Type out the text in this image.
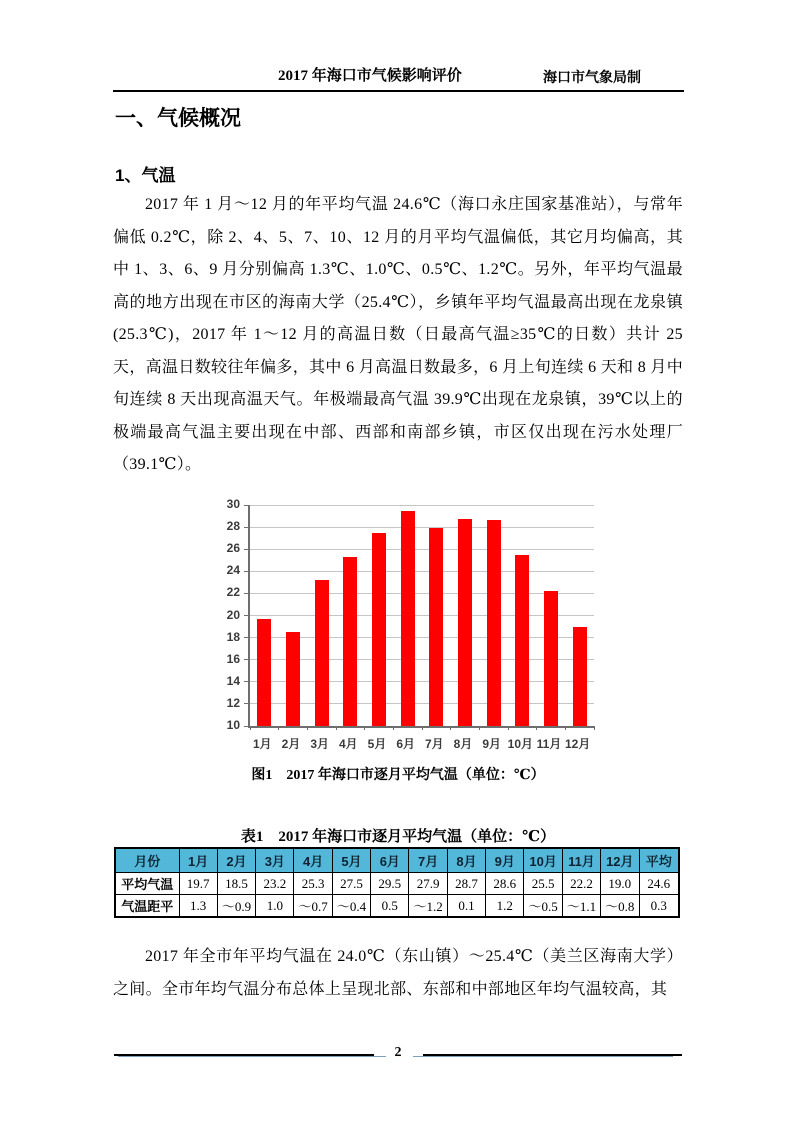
2017 年海口市气候影响评价	海口市气象局制
一、气候概况
1、气温
2017 年 1 月～12 月的年平均气温 24.6℃（海口永庄国家基准站），与常年偏低 0.2℃，除 2、4、5、7、10、12 月的月平均气温偏低，其它月均偏高，其中 1、3、6、9 月分别偏高 1.3℃、1.0℃、0.5℃、1.2℃。另外，年平均气温最高的地方出现在市区的海南大学（25.4℃），乡镇年平均气温最高出现在龙泉镇(25.3℃)，2017 年 1～12 月的高温日数（日最高气温≥35℃的日数）共计 25 天，高温日数较往年偏多，其中 6 月高温日数最多，6 月上旬连续 6 天和 8 月中旬连续 8 天出现高温天气。年极端最高气温 39.9℃出现在龙泉镇，39℃以上的极端最高气温主要出现在中部、西部和南部乡镇，市区仅出现在污水处理厂（39.1℃）。
10
12
14
16
18
20
22
24
26
28
30
1月 2月 3月 4月 5月 6月 7月 8月 9月 10月 11月 12月
图1　2017 年海口市逐月平均气温（单位：℃）
表1　2017 年海口市逐月平均气温（单位：℃）
月份	1月	2月	3月	4月	5月	6月	7月	8月	9月	10月	11月	12月	平均
平均气温	19.7	18.5	23.2	25.3	27.5	29.5	27.9	28.7	28.6	25.5	22.2	19.0	24.6
气温距平	1.3	～0.9	1.0	～0.7	～0.4	0.5	～1.2	0.1	1.2	～0.5	～1.1	～0.8	0.3
2017 年全市年平均气温在 24.0℃（东山镇）～25.4℃（美兰区海南大学）之间。全市年均气温分布总体上呈现北部、东部和中部地区年均气温较高，其
2
